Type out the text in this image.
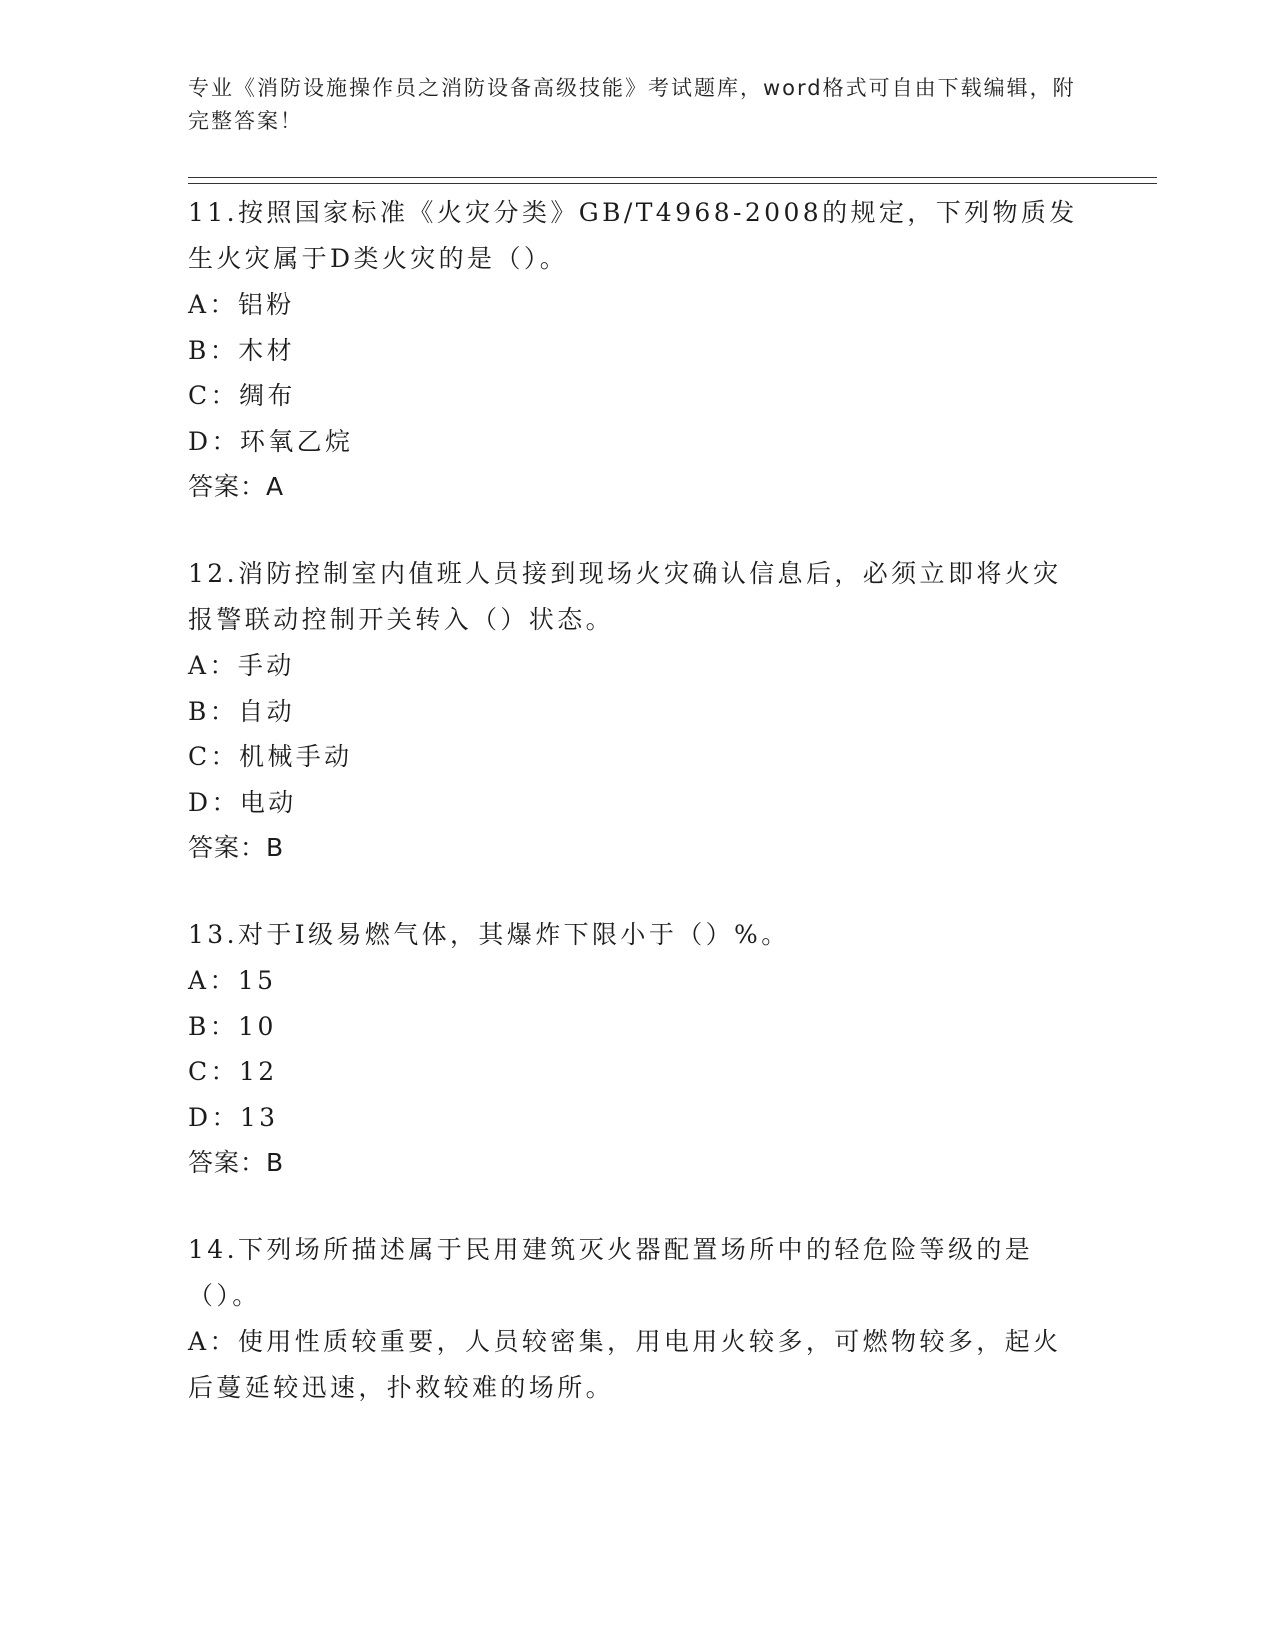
专业《消防设施操作员之消防设备高级技能》考试题库，word格式可自由下载编辑，附完整答案！
11.按照国家标准《火灾分类》GB/T4968-2008的规定，下列物质发生火灾属于D类火灾的是（）。
A：铝粉
B：木材
C：绸布
D：环氧乙烷
答案：A
12.消防控制室内值班人员接到现场火灾确认信息后，必须立即将火灾报警联动控制开关转入（）状态。
A：手动
B：自动
C：机械手动
D：电动
答案：B
13.对于Ⅰ级易燃气体，其爆炸下限小于（）%。
A：15
B：10
C：12
D：13
答案：B
14.下列场所描述属于民用建筑灭火器配置场所中的轻危险等级的是（）。
A：使用性质较重要，人员较密集，用电用火较多，可燃物较多，起火后蔓延较迅速，扑救较难的场所。
